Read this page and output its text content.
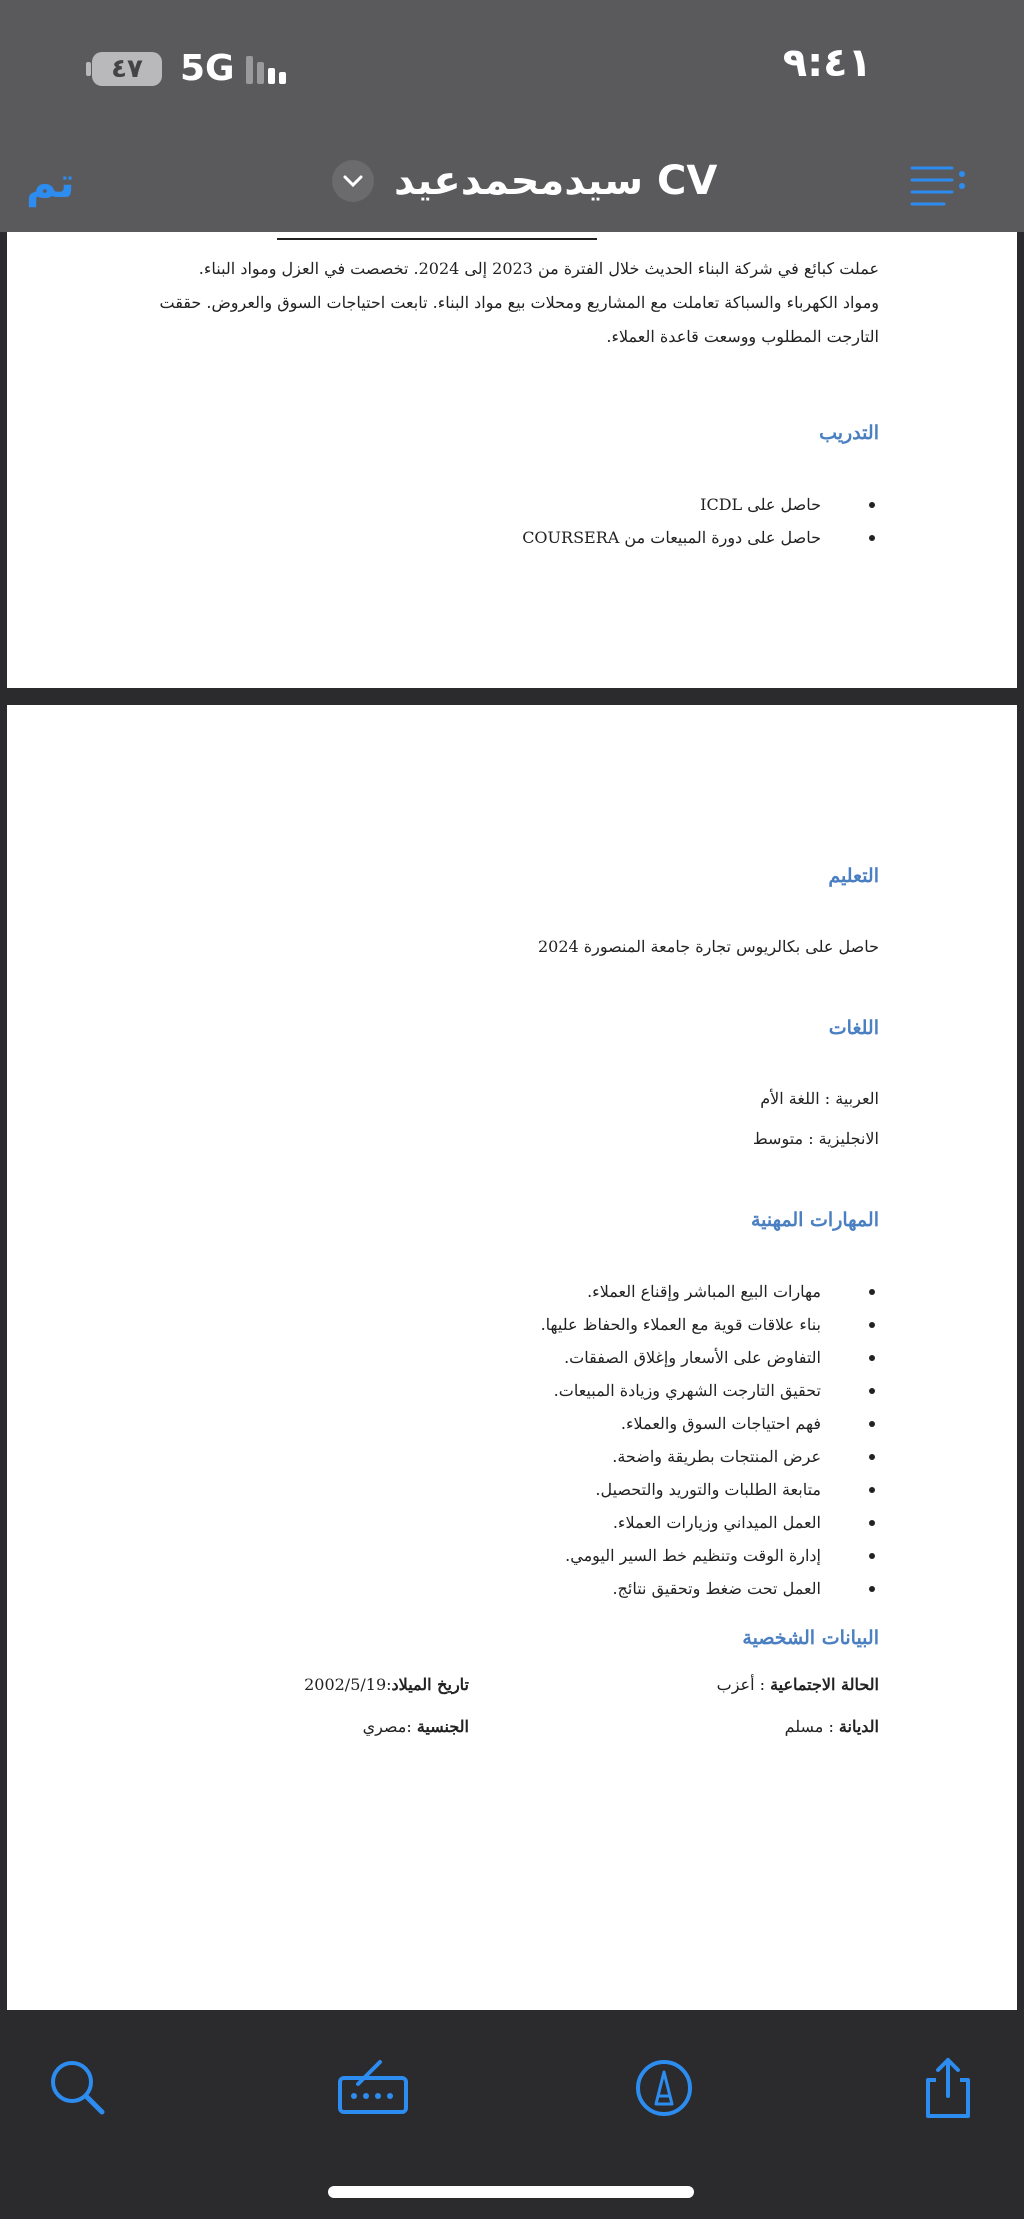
٩:٤١
٤٧	5G
تم	سيدمحمدعيد CV
عملت كبائع في شركة البناء الحديث خلال الفترة من 2023 إلى 2024. تخصصت في العزل ومواد البناء. ومواد الكهرباء والسباكة تعاملت مع المشاريع ومحلات بيع مواد البناء. تابعت احتياجات السوق والعروض. حققت التارجت المطلوب ووسعت قاعدة العملاء.
التدريب
حاصل على ICDL
حاصل على دورة المبيعات من COURSERA
التعليم
حاصل على بكالريوس تجارة جامعة المنصورة 2024
اللغات
العربية : اللغة الأم
الانجليزية : متوسط
المهارات المهنية
مهارات البيع المباشر وإقناع العملاء.
بناء علاقات قوية مع العملاء والحفاظ عليها.
التفاوض على الأسعار وإغلاق الصفقات.
تحقيق التارجت الشهري وزيادة المبيعات.
فهم احتياجات السوق والعملاء.
عرض المنتجات بطريقة واضحة.
متابعة الطلبات والتوريد والتحصيل.
العمل الميداني وزيارات العملاء.
إدارة الوقت وتنظيم خط السير اليومي.
العمل تحت ضغط وتحقيق نتائج.
البيانات الشخصية
الحالة الاجتماعية : أعزب
تاريخ الميلاد:2002/5/19
الديانة : مسلم
الجنسية :مصري
